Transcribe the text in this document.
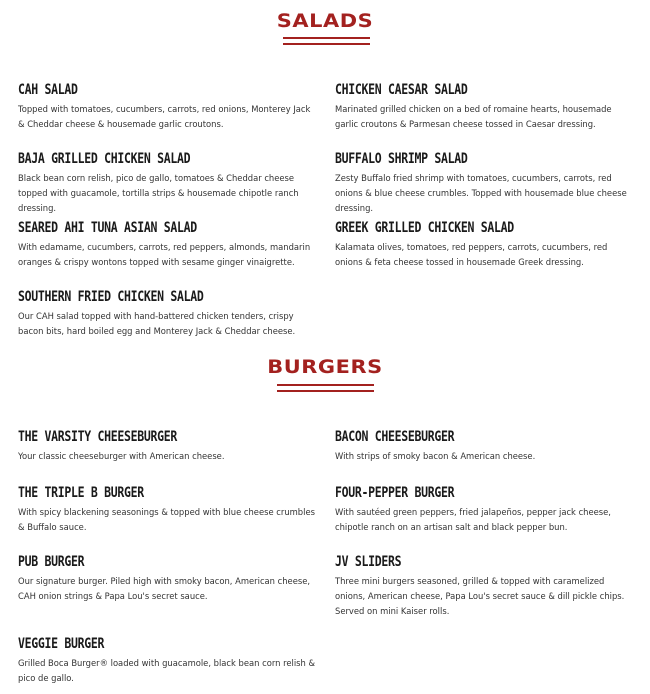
SALADS
CAH SALAD
Topped with tomatoes, cucumbers, carrots, red onions, Monterey Jack & Cheddar cheese & housemade garlic croutons.
CHICKEN CAESAR SALAD
Marinated grilled chicken on a bed of romaine hearts, housemade garlic croutons & Parmesan cheese tossed in Caesar dressing.
BAJA GRILLED CHICKEN SALAD
Black bean corn relish, pico de gallo, tomatoes & Cheddar cheese topped with guacamole, tortilla strips & housemade chipotle ranch dressing.
BUFFALO SHRIMP SALAD
Zesty Buffalo fried shrimp with tomatoes, cucumbers, carrots, red onions & blue cheese crumbles. Topped with housemade blue cheese dressing.
SEARED AHI TUNA ASIAN SALAD
With edamame, cucumbers, carrots, red peppers, almonds, mandarin oranges & crispy wontons topped with sesame ginger vinaigrette.
GREEK GRILLED CHICKEN SALAD
Kalamata olives, tomatoes, red peppers, carrots, cucumbers, red onions & feta cheese tossed in housemade Greek dressing.
SOUTHERN FRIED CHICKEN SALAD
Our CAH salad topped with hand-battered chicken tenders, crispy bacon bits, hard boiled egg and Monterey Jack & Cheddar cheese.
BURGERS
THE VARSITY CHEESEBURGER
Your classic cheeseburger with American cheese.
BACON CHEESEBURGER
With strips of smoky bacon & American cheese.
THE TRIPLE B BURGER
With spicy blackening seasonings & topped with blue cheese crumbles & Buffalo sauce.
FOUR-PEPPER BURGER
With sautéed green peppers, fried jalapeños, pepper jack cheese, chipotle ranch on an artisan salt and black pepper bun.
PUB BURGER
Our signature burger. Piled high with smoky bacon, American cheese, CAH onion strings & Papa Lou's secret sauce.
JV SLIDERS
Three mini burgers seasoned, grilled & topped with caramelized onions, American cheese, Papa Lou's secret sauce & dill pickle chips. Served on mini Kaiser rolls.
VEGGIE BURGER
Grilled Boca Burger® loaded with guacamole, black bean corn relish & pico de gallo.
